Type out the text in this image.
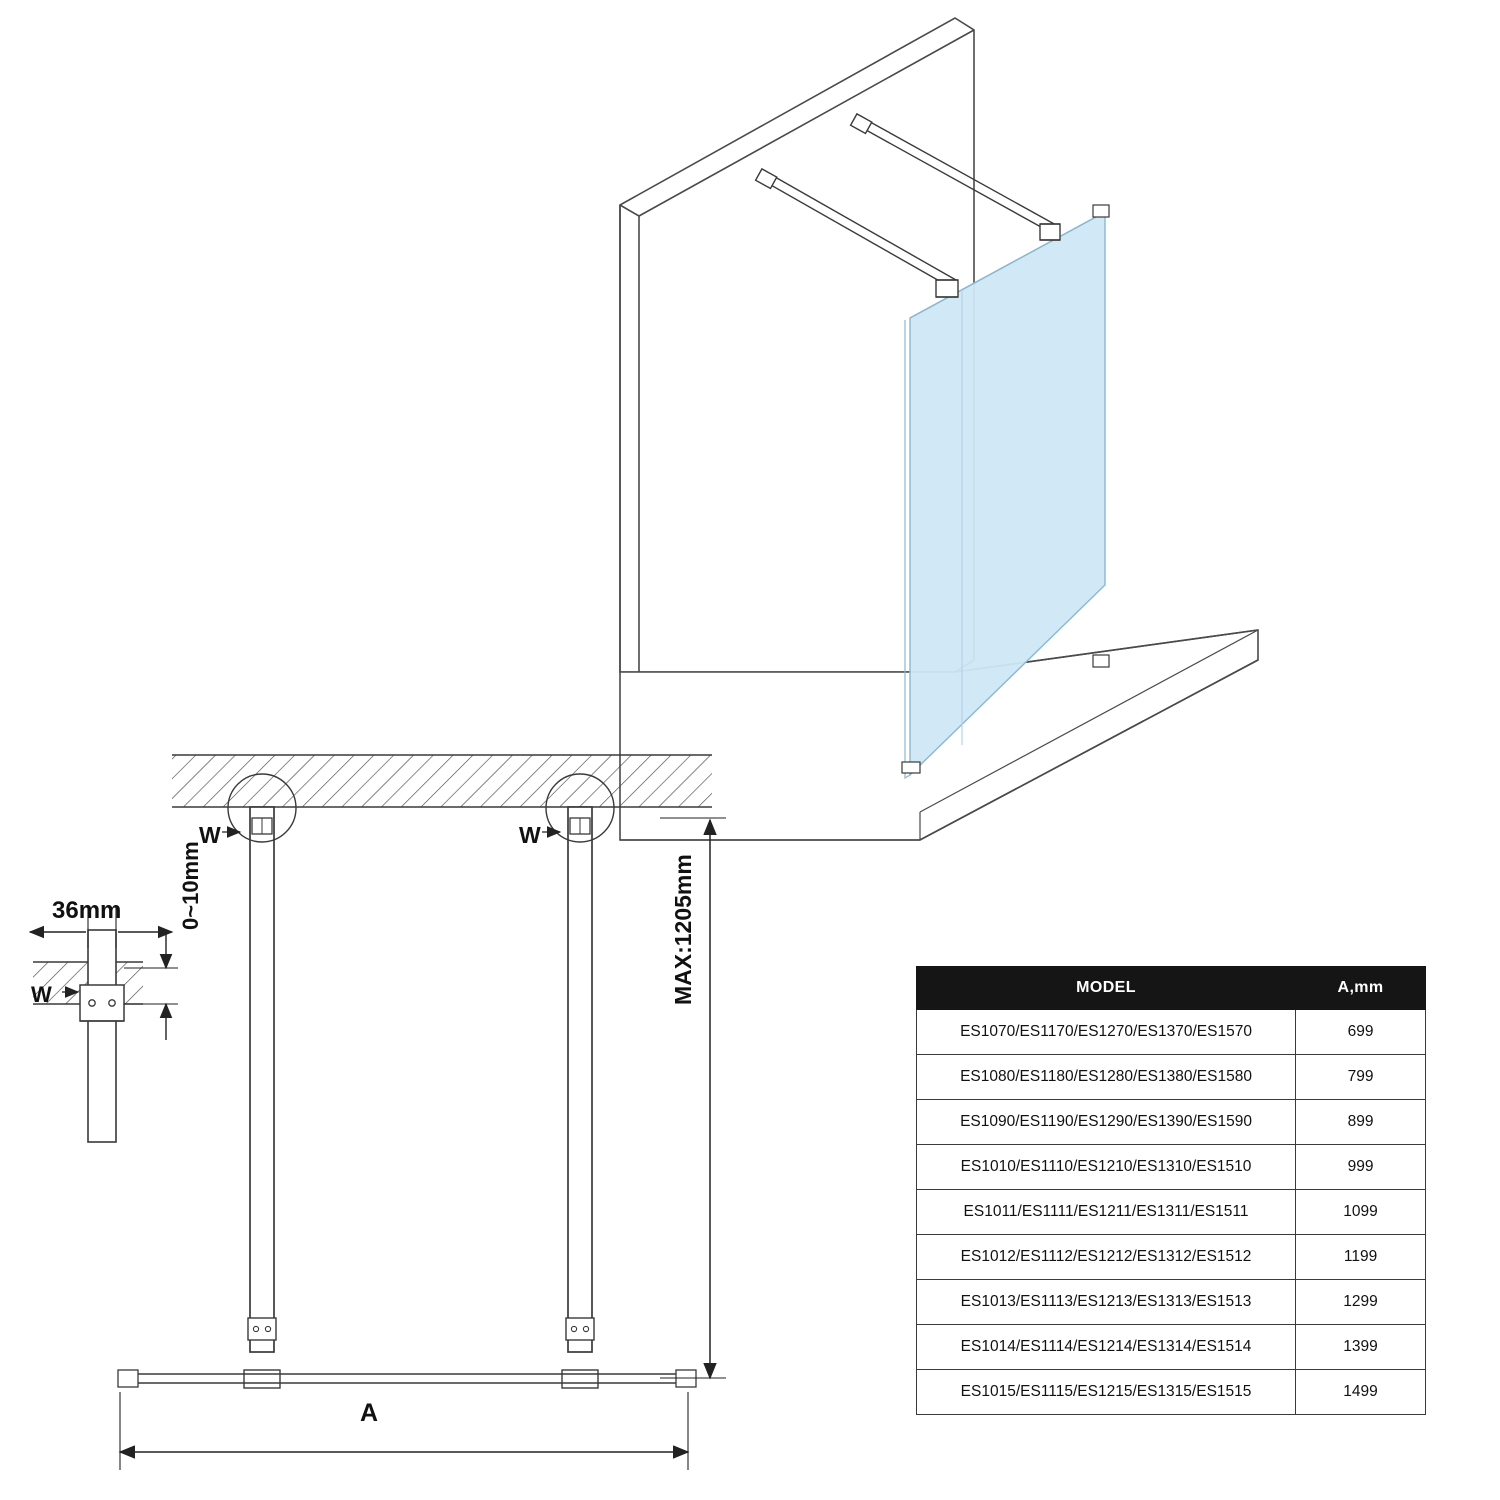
36mm	0~10mm
W
W	W
MAX:1205mm
A
MODEL	A,mm
ES1070/ES1170/ES1270/ES1370/ES1570	699
ES1080/ES1180/ES1280/ES1380/ES1580	799
ES1090/ES1190/ES1290/ES1390/ES1590	899
ES1010/ES1110/ES1210/ES1310/ES1510	999
ES1011/ES1111/ES1211/ES1311/ES1511	1099
ES1012/ES1112/ES1212/ES1312/ES1512	1199
ES1013/ES1113/ES1213/ES1313/ES1513	1299
ES1014/ES1114/ES1214/ES1314/ES1514	1399
ES1015/ES1115/ES1215/ES1315/ES1515	1499
